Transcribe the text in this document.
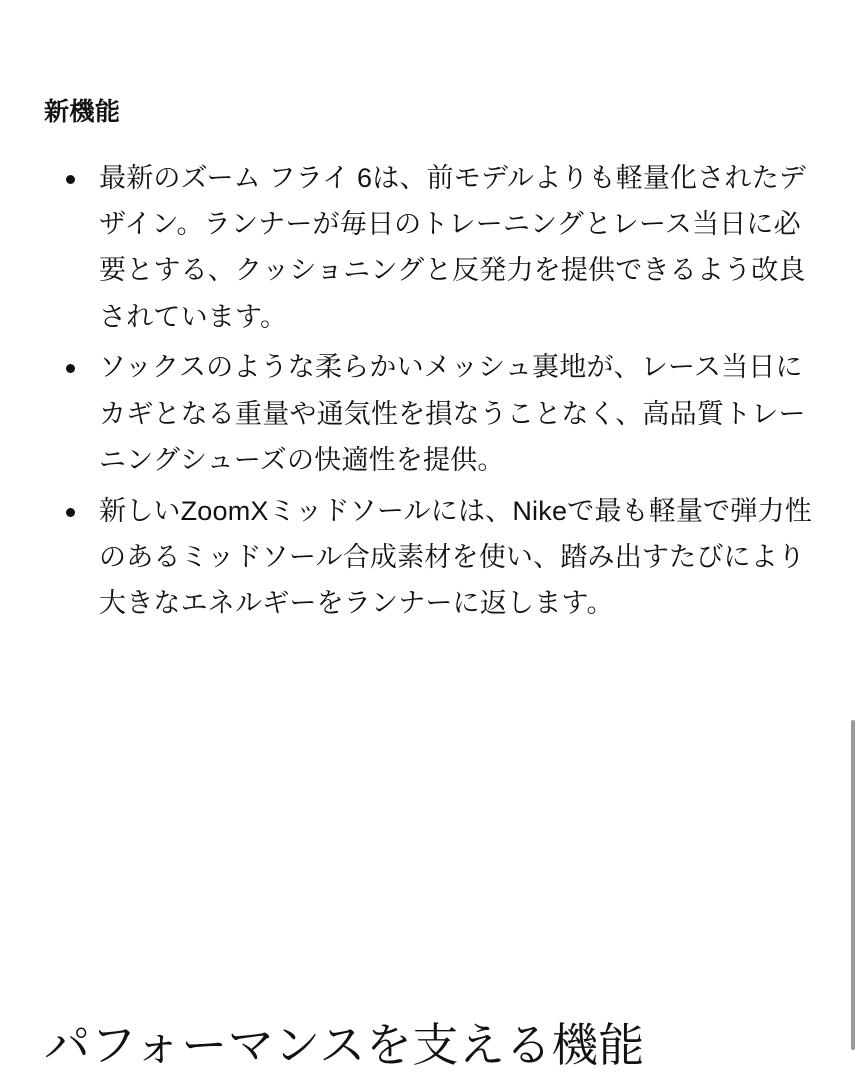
新機能
最新のズーム フライ 6は、前モデルよりも軽量化されたデザイン。ランナーが毎日のトレーニングとレース当日に必要とする、クッショニングと反発力を提供できるよう改良されています。
ソックスのような柔らかいメッシュ裏地が、レース当日にカギとなる重量や通気性を損なうことなく、高品質トレーニングシューズの快適性を提供。
新しいZoomXミッドソールには、Nikeで最も軽量で弾力性のあるミッドソール合成素材を使い、踏み出すたびにより大きなエネルギーをランナーに返します。
パフォーマンスを支える機能
